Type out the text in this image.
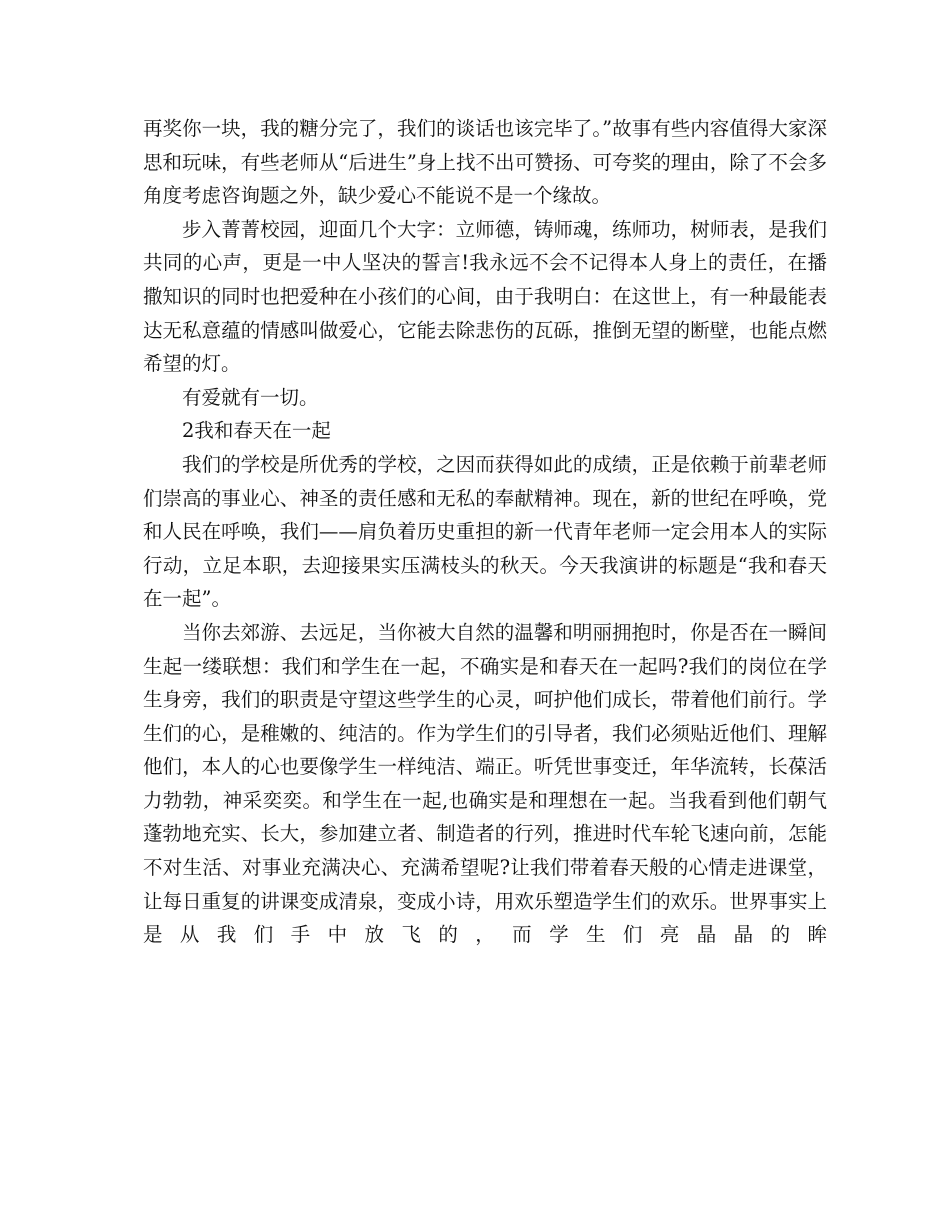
再奖你一块，我的糖分完了，我们的谈话也该完毕了。”故事有些内容值得大家深思和玩味，有些老师从“后进生”身上找不出可赞扬、可夸奖的理由，除了不会多角度考虑咨询题之外，缺少爱心不能说不是一个缘故。

步入菁菁校园，迎面几个大字：立师德，铸师魂，练师功，树师表，是我们共同的心声，更是一中人坚决的誓言!我永远不会不记得本人身上的责任，在播撒知识的同时也把爱种在小孩们的心间，由于我明白：在这世上，有一种最能表达无私意蕴的情感叫做爱心，它能去除悲伤的瓦砾，推倒无望的断壁，也能点燃希望的灯。

有爱就有一切。

2我和春天在一起

我们的学校是所优秀的学校，之因而获得如此的成绩，正是依赖于前辈老师们崇高的事业心、神圣的责任感和无私的奉献精神。现在，新的世纪在呼唤，党和人民在呼唤，我们——肩负着历史重担的新一代青年老师一定会用本人的实际行动，立足本职，去迎接果实压满枝头的秋天。今天我演讲的标题是“我和春天在一起”。

当你去郊游、去远足，当你被大自然的温馨和明丽拥抱时，你是否在一瞬间生起一缕联想：我们和学生在一起，不确实是和春天在一起吗?我们的岗位在学生身旁，我们的职责是守望这些学生的心灵，呵护他们成长，带着他们前行。学生们的心，是稚嫩的、纯洁的。作为学生们的引导者，我们必须贴近他们、理解他们，本人的心也要像学生一样纯洁、端正。听凭世事变迁，年华流转，长葆活力勃勃，神采奕奕。和学生在一起,也确实是和理想在一起。当我看到他们朝气蓬勃地充实、长大，参加建立者、制造者的行列，推进时代车轮飞速向前，怎能不对生活、对事业充满决心、充满希望呢?让我们带着春天般的心情走进课堂，让每日重复的讲课变成清泉，变成小诗，用欢乐塑造学生们的欢乐。世界事实上是从我们手中放飞的，而学生们亮晶晶的眸
